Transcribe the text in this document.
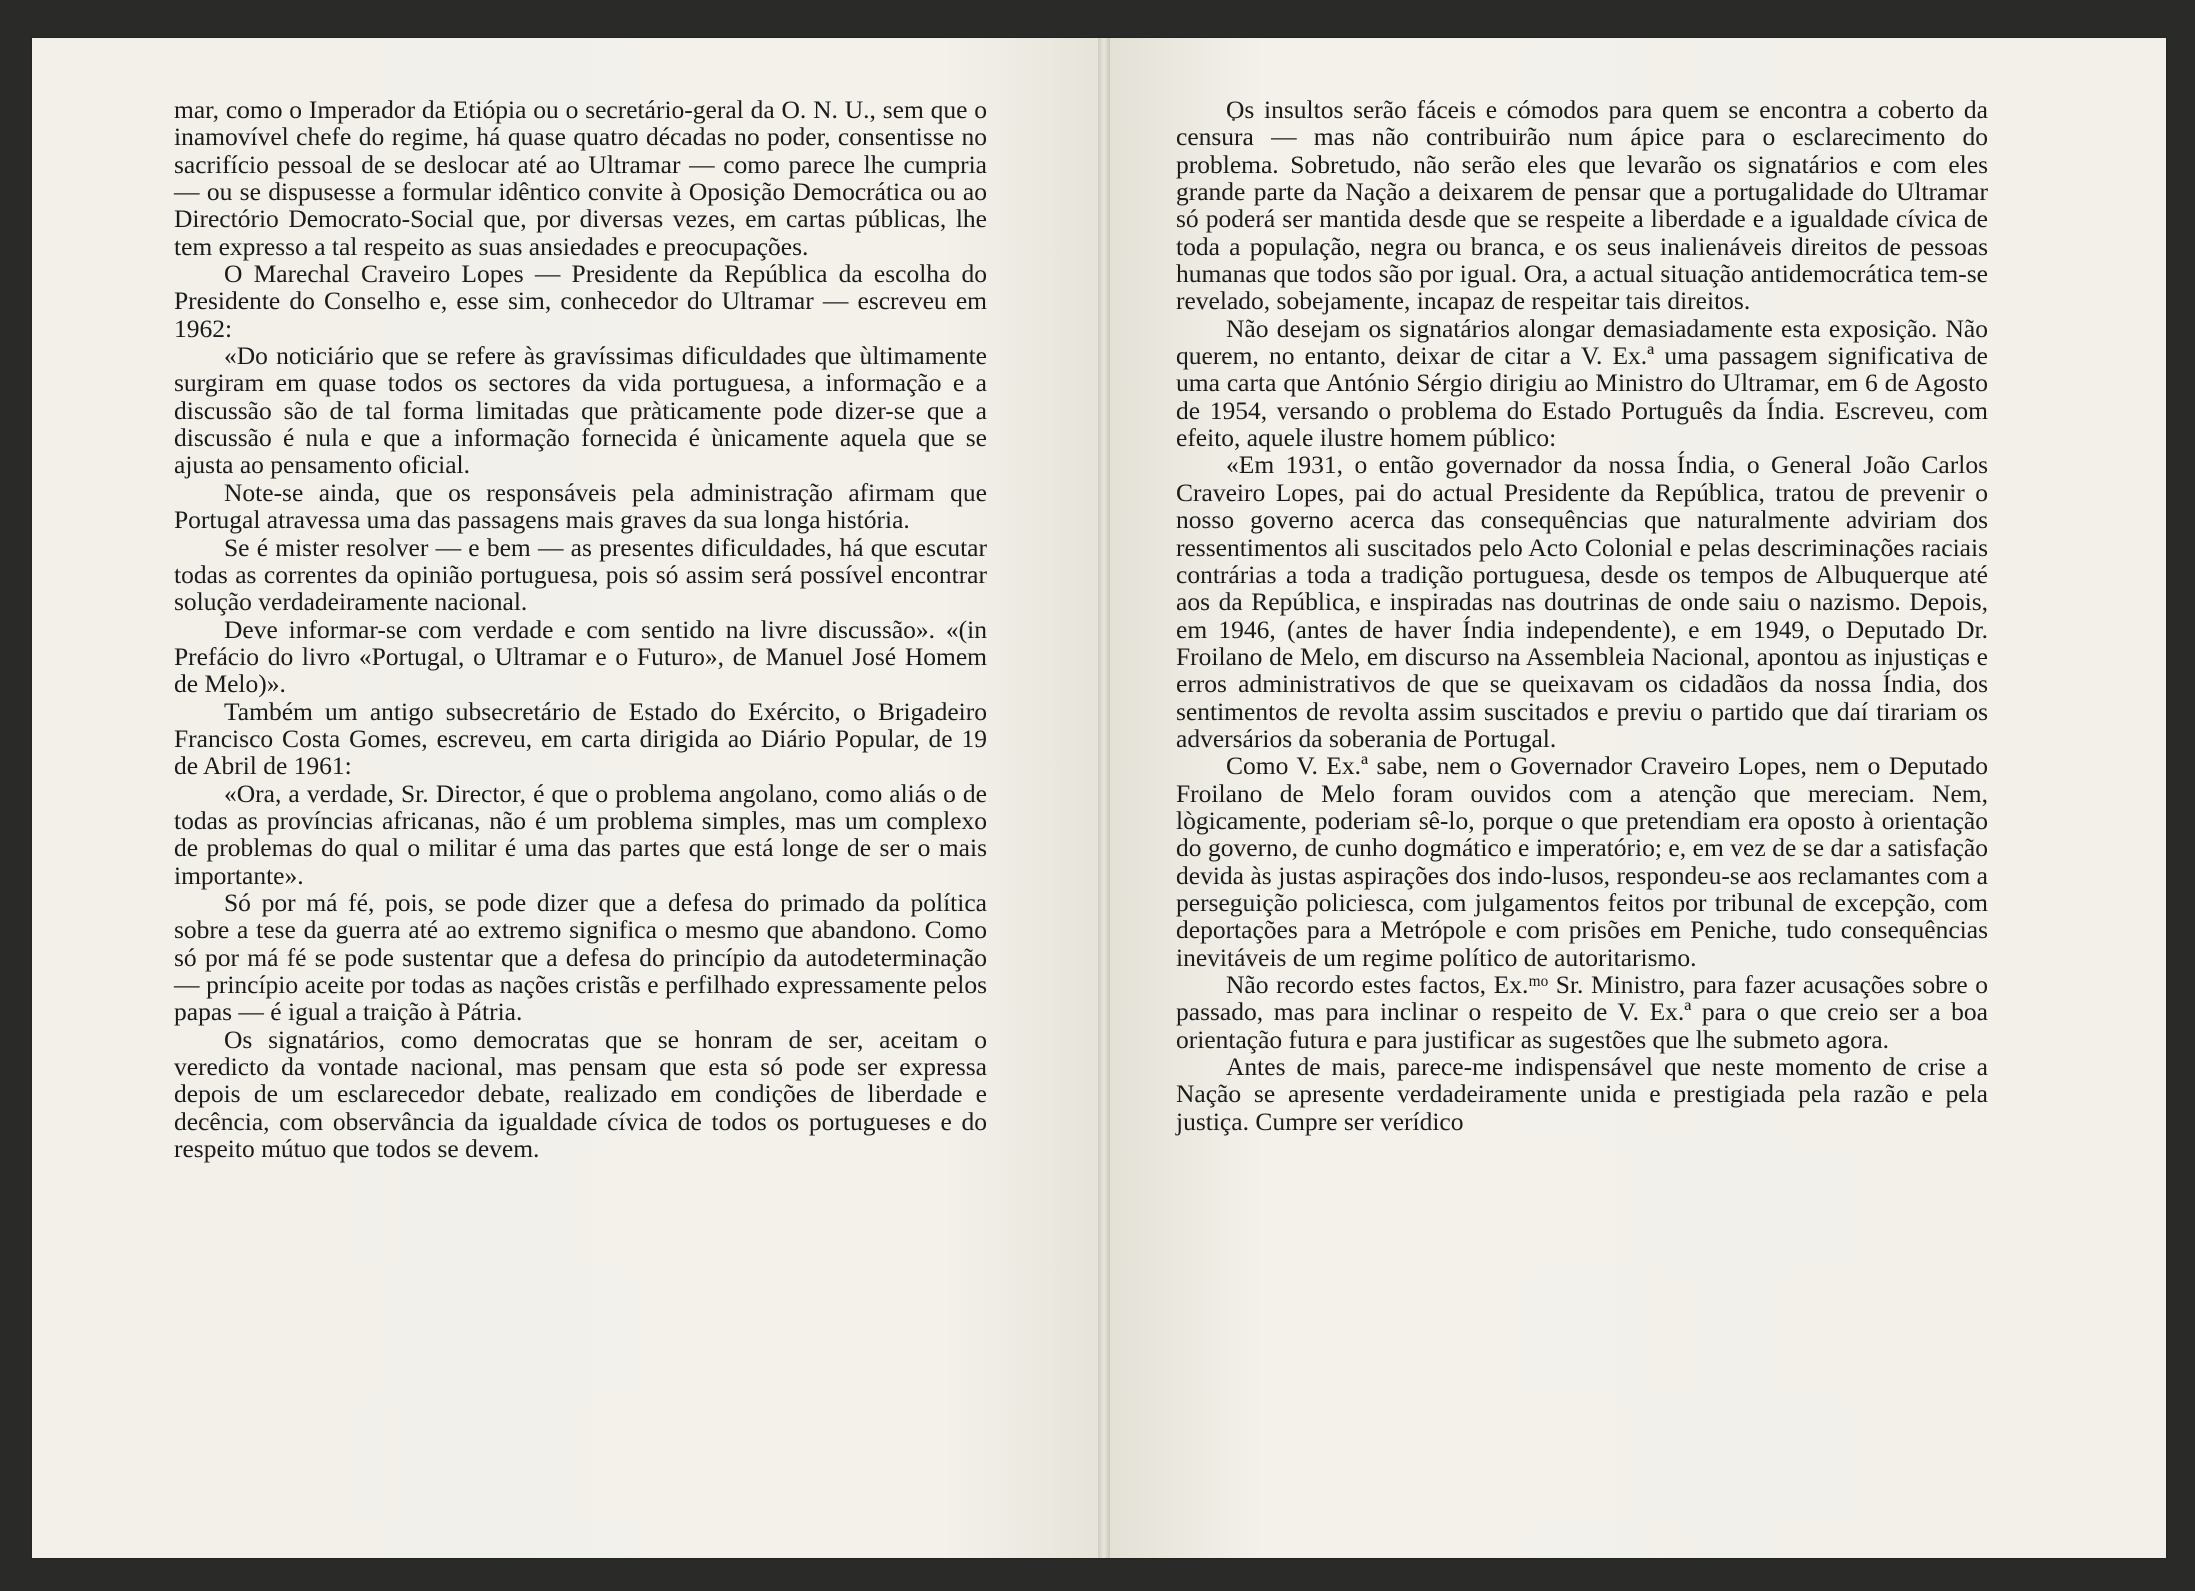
mar, como o Imperador da Etiópia ou o secretário-geral da O. N. U., sem que o inamovível chefe do regime, há quase quatro décadas no poder, consentisse no sacrifício pessoal de se deslocar até ao Ultramar — como parece lhe cumpria — ou se dispusesse a formular idêntico convite à Oposição Democrática ou ao Directório Democrato-Social que, por diversas vezes, em cartas públicas, lhe tem expresso a tal respeito as suas ansiedades e preocupações.

O Marechal Craveiro Lopes — Presidente da República da escolha do Presidente do Conselho e, esse sim, conhecedor do Ultramar — escreveu em 1962:

«Do noticiário que se refere às gravíssimas dificuldades que ùltimamente surgiram em quase todos os sectores da vida portuguesa, a informação e a discussão são de tal forma limitadas que pràticamente pode dizer-se que a discussão é nula e que a informação fornecida é ùnicamente aquela que se ajusta ao pensamento oficial.

Note-se ainda, que os responsáveis pela administração afirmam que Portugal atravessa uma das passagens mais graves da sua longa história.

Se é mister resolver — e bem — as presentes dificuldades, há que escutar todas as correntes da opinião portuguesa, pois só assim será possível encontrar solução verdadeiramente nacional.

Deve informar-se com verdade e com sentido na livre discussão». «(in Prefácio do livro «Portugal, o Ultramar e o Futuro», de Manuel José Homem de Melo)».

Também um antigo subsecretário de Estado do Exército, o Brigadeiro Francisco Costa Gomes, escreveu, em carta dirigida ao Diário Popular, de 19 de Abril de 1961:

«Ora, a verdade, Sr. Director, é que o problema angolano, como aliás o de todas as províncias africanas, não é um problema simples, mas um complexo de problemas do qual o militar é uma das partes que está longe de ser o mais importante».

Só por má fé, pois, se pode dizer que a defesa do primado da política sobre a tese da guerra até ao extremo significa o mesmo que abandono. Como só por má fé se pode sustentar que a defesa do princípio da autodeterminação — princípio aceite por todas as nações cristãs e perfilhado expressamente pelos papas — é igual a traição à Pátria.

Os signatários, como democratas que se honram de ser, aceitam o veredicto da vontade nacional, mas pensam que esta só pode ser expressa depois de um esclarecedor debate, realizado em condições de liberdade e decência, com observância da igualdade cívica de todos os portugueses e do respeito mútuo que todos se devem.

Os insultos serão fáceis e cómodos para quem se encontra a coberto da censura — mas não contribuirão num ápice para o esclarecimento do problema. Sobretudo, não serão eles que levarão os signatários e com eles grande parte da Nação a deixarem de pensar que a portugalidade do Ultramar só poderá ser mantida desde que se respeite a liberdade e a igualdade cívica de toda a população, negra ou branca, e os seus inalienáveis direitos de pessoas humanas que todos são por igual. Ora, a actual situação antidemocrática tem-se revelado, sobejamente, incapaz de respeitar tais direitos.

Não desejam os signatários alongar demasiadamente esta exposição. Não querem, no entanto, deixar de citar a V. Ex.ª uma passagem significativa de uma carta que António Sérgio dirigiu ao Ministro do Ultramar, em 6 de Agosto de 1954, versando o problema do Estado Português da Índia. Escreveu, com efeito, aquele ilustre homem público:

«Em 1931, o então governador da nossa Índia, o General João Carlos Craveiro Lopes, pai do actual Presidente da República, tratou de prevenir o nosso governo acerca das consequências que naturalmente adviriam dos ressentimentos ali suscitados pelo Acto Colonial e pelas descriminações raciais contrárias a toda a tradição portuguesa, desde os tempos de Albuquerque até aos da República, e inspiradas nas doutrinas de onde saiu o nazismo. Depois, em 1946, (antes de haver Índia independente), e em 1949, o Deputado Dr. Froilano de Melo, em discurso na Assembleia Nacional, apontou as injustiças e erros administrativos de que se queixavam os cidadãos da nossa Índia, dos sentimentos de revolta assim suscitados e previu o partido que daí tirariam os adversários da soberania de Portugal.

Como V. Ex.ª sabe, nem o Governador Craveiro Lopes, nem o Deputado Froilano de Melo foram ouvidos com a atenção que mereciam. Nem, lògicamente, poderiam sê-lo, porque o que pretendiam era oposto à orientação do governo, de cunho dogmático e imperatório; e, em vez de se dar a satisfação devida às justas aspirações dos indo-lusos, respondeu-se aos reclamantes com a perseguição policiesca, com julgamentos feitos por tribunal de excepção, com deportações para a Metrópole e com prisões em Peniche, tudo consequências inevitáveis de um regime político de autoritarismo.

Não recordo estes factos, Ex.ᵐᵒ Sr. Ministro, para fazer acusações sobre o passado, mas para inclinar o respeito de V. Ex.ª para o que creio ser a boa orientação futura e para justificar as sugestões que lhe submeto agora.

Antes de mais, parece-me indispensável que neste momento de crise a Nação se apresente verdadeiramente unida e prestigiada pela razão e pela justiça. Cumpre ser verídico
